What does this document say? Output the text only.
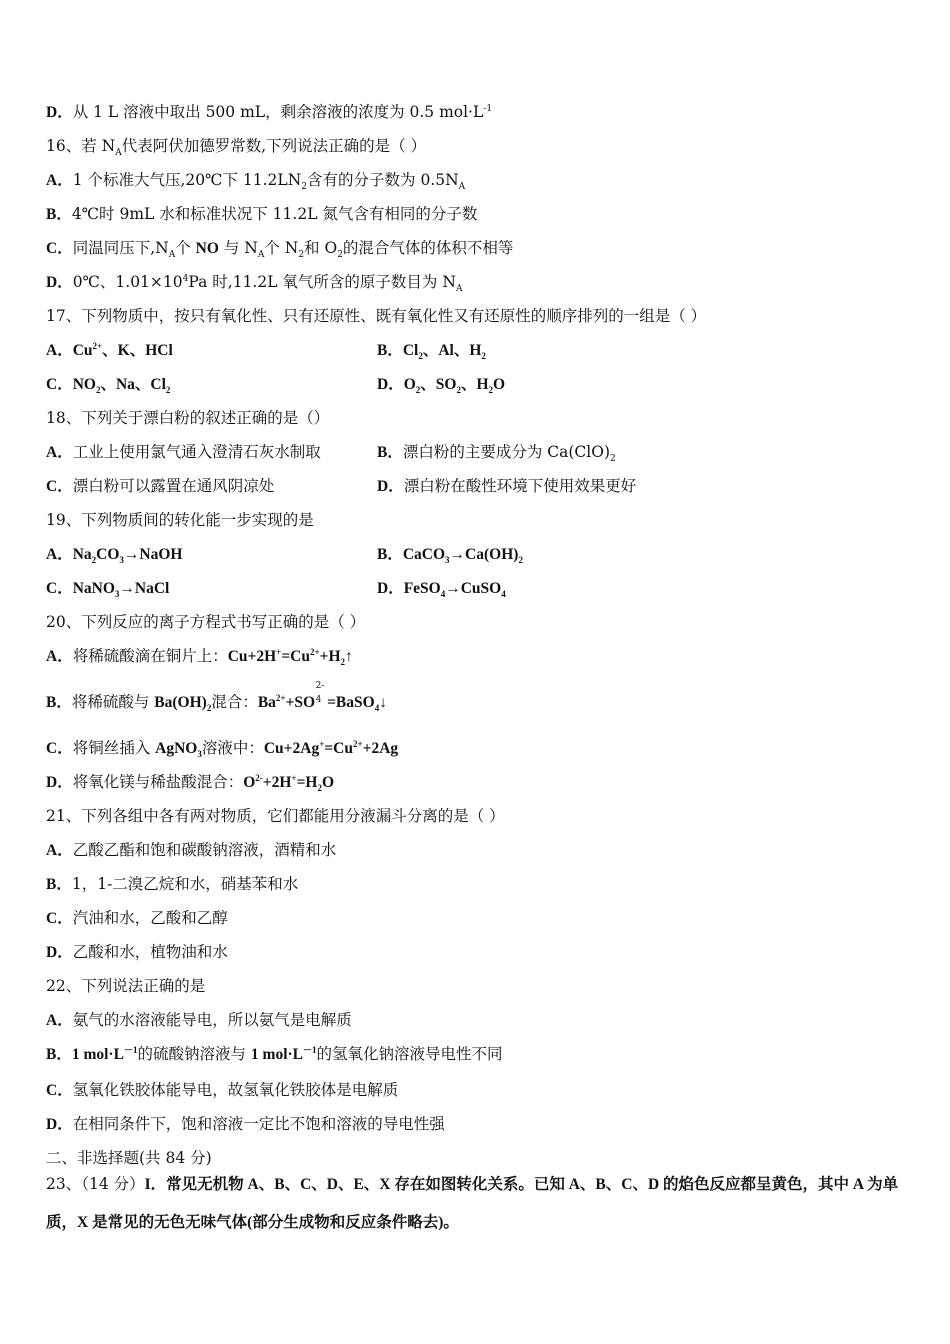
D．从 1 L 溶液中取出 500 mL，剩余溶液的浓度为 0.5 $mol\cdot L^{-1}$
16、若 $N_A$代表阿伏加德罗常数,下列说法正确的是（ ）
A．1 个标准大气压,20℃下 $11.2LN_2$含有的分子数为 $0.5N_A$
B．4℃时 9mL 水和标准状况下 11.2L 氮气含有相同的分子数
C．同温同压下$,N_A$个 NO 与 $N_A$个 $N_2$和 $O_2$的混合气体的体积不相等
D．0℃、$1.01\times 10^4Pa$ 时,11.2L 氧气所含的原子数目为 $N_A$
17、下列物质中，按只有氧化性、只有还原性、既有氧化性又有还原性的顺序排列的一组是（ ）
A．$Cu^{2+}$、K、HCl	B．$Cl_2$、Al、$H_2$
C．$NO_2$、Na、$Cl_2$	D．$O_2$、$SO_2$、$H_2O$
18、下列关于漂白粉的叙述正确的是（）
A．工业上使用氯气通入澄清石灰水制取	B．漂白粉的主要成分为 $Ca(ClO)_2$
C．漂白粉可以露置在通风阴凉处	D．漂白粉在酸性环境下使用效果更好
19、下列物质间的转化能一步实现的是
A．$Na_2CO_3\to NaOH$	B．$CaCO_3\to Ca(OH)_2$
C．NaNO$_3$→NaCl	D．FeSO$_4$→CuSO$_4$
20、下列反应的离子方程式书写正确的是（ ）
A．将稀硫酸滴在铜片上：$Cu+2H^+=Cu^{2+}+H_2↑$
B．将稀硫酸与 $Ba(OH)_2$混合：$Ba^{2+}+SO$
2-
4 =BaSO$_4$↓
C．将铜丝插入 AgNO$_3$溶液中：$Cu+2Ag^+=Cu^{2+}+2Ag$
D．将氧化镁与稀盐酸混合：$O^{2-}+2H^+=H_2O$
21、下列各组中各有两对物质，它们都能用分液漏斗分离的是（ ）
A．乙酸乙酯和饱和碳酸钠溶液，酒精和水
B．1，1-二溴乙烷和水，硝基苯和水
C．汽油和水，乙酸和乙醇
D．乙酸和水，植物油和水
22、下列说法正确的是
A．氨气的水溶液能导电，所以氨气是电解质
B．1 $mol\cdot L^{-1}$的硫酸钠溶液与 1 $mol\cdot L^{-1}$的氢氧化钠溶液导电性不同
C．氢氧化铁胶体能导电，故氢氧化铁胶体是电解质
D．在相同条件下，饱和溶液一定比不饱和溶液的导电性强
二、非选择题(共 84 分)
23、（14 分）I．常见无机物 A、B、C、D、E、X 存在如图转化关系。已知 A、B、C、D 的焰色反应都呈黄色，其中 A 为单
质，X 是常见的无色无味气体(部分生成物和反应条件略去)。
